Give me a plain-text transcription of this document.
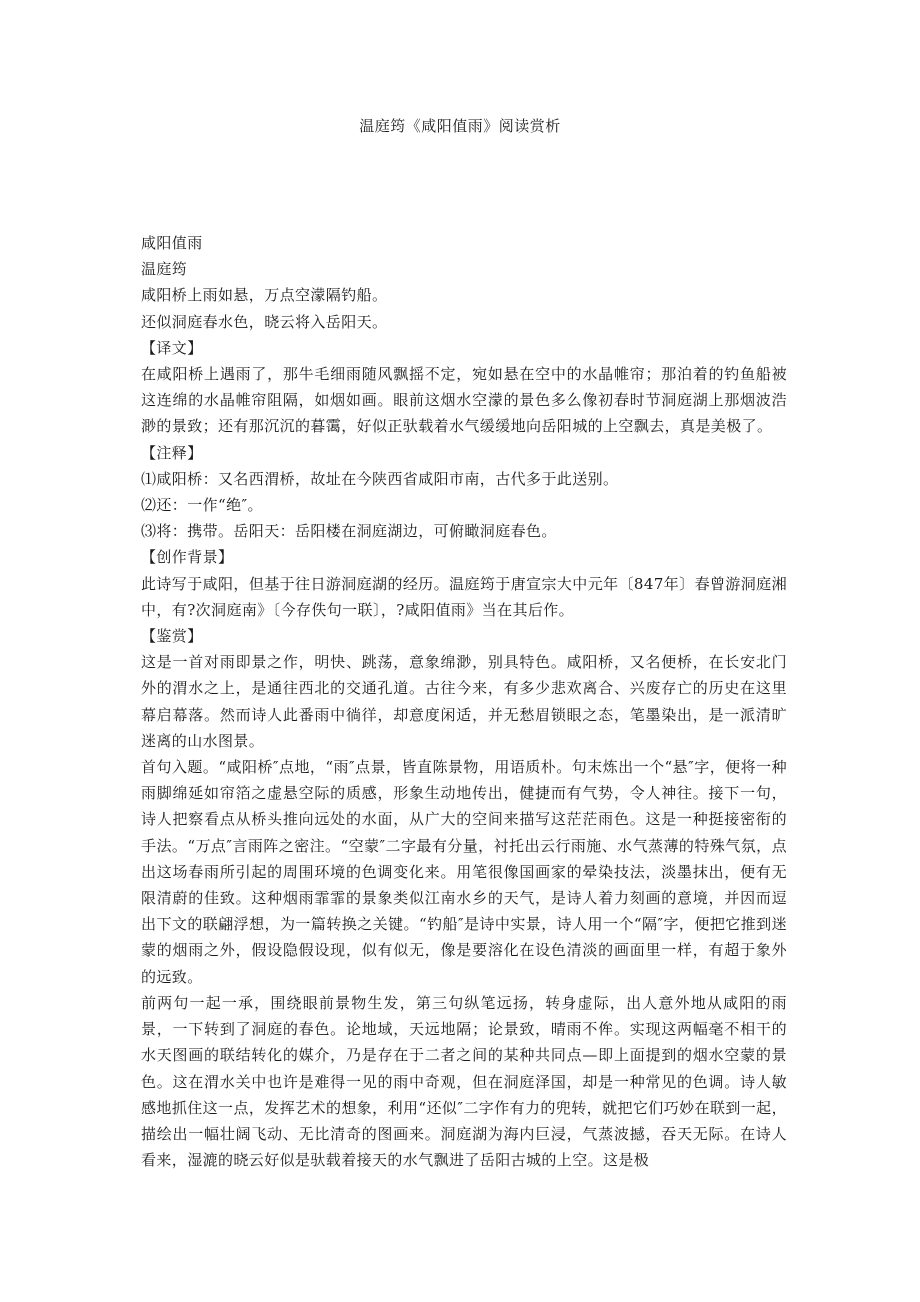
温庭筠《咸阳值雨》阅读赏析

咸阳值雨

温庭筠

咸阳桥上雨如悬，万点空濛隔钓船。

还似洞庭春水色，晓云将入岳阳天。

【译文】

在咸阳桥上遇雨了，那牛毛细雨随风飘摇不定，宛如悬在空中的水晶帷帘；那泊着的钓鱼船被这连绵的水晶帷帘阻隔，如烟如画。眼前这烟水空濛的景色多么像初春时节洞庭湖上那烟波浩渺的景致；还有那沉沉的暮霭，好似正驮载着水气缓缓地向岳阳城的上空飘去，真是美极了。

【注释】

⑴咸阳桥：又名西渭桥，故址在今陕西省咸阳市南，古代多于此送别。

⑵还：一作“绝″。

⑶将：携带。岳阳天：岳阳楼在洞庭湖边，可俯瞰洞庭春色。

【创作背景】

此诗写于咸阳，但基于往日游洞庭湖的经历。温庭筠于唐宣宗大中元年〔847年〕春曾游洞庭湘中，有?次洞庭南》〔今存佚句一联〕，?咸阳值雨》当在其后作。

【鉴赏】

这是一首对雨即景之作，明快、跳荡，意象绵渺，别具特色。咸阳桥，又名便桥，在长安北门外的渭水之上，是通往西北的交通孔道。古往今来，有多少悲欢离合、兴废存亡的历史在这里幕启幕落。然而诗人此番雨中徜徉，却意度闲适，并无愁眉锁眼之态，笔墨染出，是一派清旷迷离的山水图景。

首句入题。“咸阳桥″点地，“雨″点景，皆直陈景物，用语质朴。句末炼出一个“悬″字，便将一种雨脚绵延如帘箔之虚悬空际的质感，形象生动地传出，健捷而有气势，令人神往。接下一句，诗人把察看点从桥头推向远处的水面，从广大的空间来描写这茫茫雨色。这是一种挺接密衔的手法。“万点″言雨阵之密注。“空蒙″二字最有分量，衬托出云行雨施、水气蒸薄的特殊气氛，点出这场春雨所引起的周围环境的色调变化来。用笔很像国画家的晕染技法，淡墨抹出，便有无限清蔚的佳致。这种烟雨霏霏的景象类似江南水乡的天气，是诗人着力刻画的意境，并因而逗出下文的联翩浮想，为一篇转换之关键。“钓船″是诗中实景，诗人用一个“隔″字，便把它推到迷蒙的烟雨之外，假设隐假设现，似有似无，像是要溶化在设色清淡的画面里一样，有超于象外的远致。

前两句一起一承，围绕眼前景物生发，第三句纵笔远扬，转身虚际，出人意外地从咸阳的雨景，一下转到了洞庭的春色。论地域，天远地隔；论景致，晴雨不侔。实现这两幅毫不相干的水天图画的联结转化的媒介，乃是存在于二者之间的某种共同点—即上面提到的烟水空蒙的景色。这在渭水关中也许是难得一见的雨中奇观，但在洞庭泽国，却是一种常见的色调。诗人敏感地抓住这一点，发挥艺术的想象，利用“还似″二字作有力的兜转，就把它们巧妙在联到一起，描绘出一幅壮阔飞动、无比清奇的图画来。洞庭湖为海内巨浸，气蒸波撼，吞天无际。在诗人看来，湿漉的晓云好似是驮载着接天的水气飘进了岳阳古城的上空。这是极
